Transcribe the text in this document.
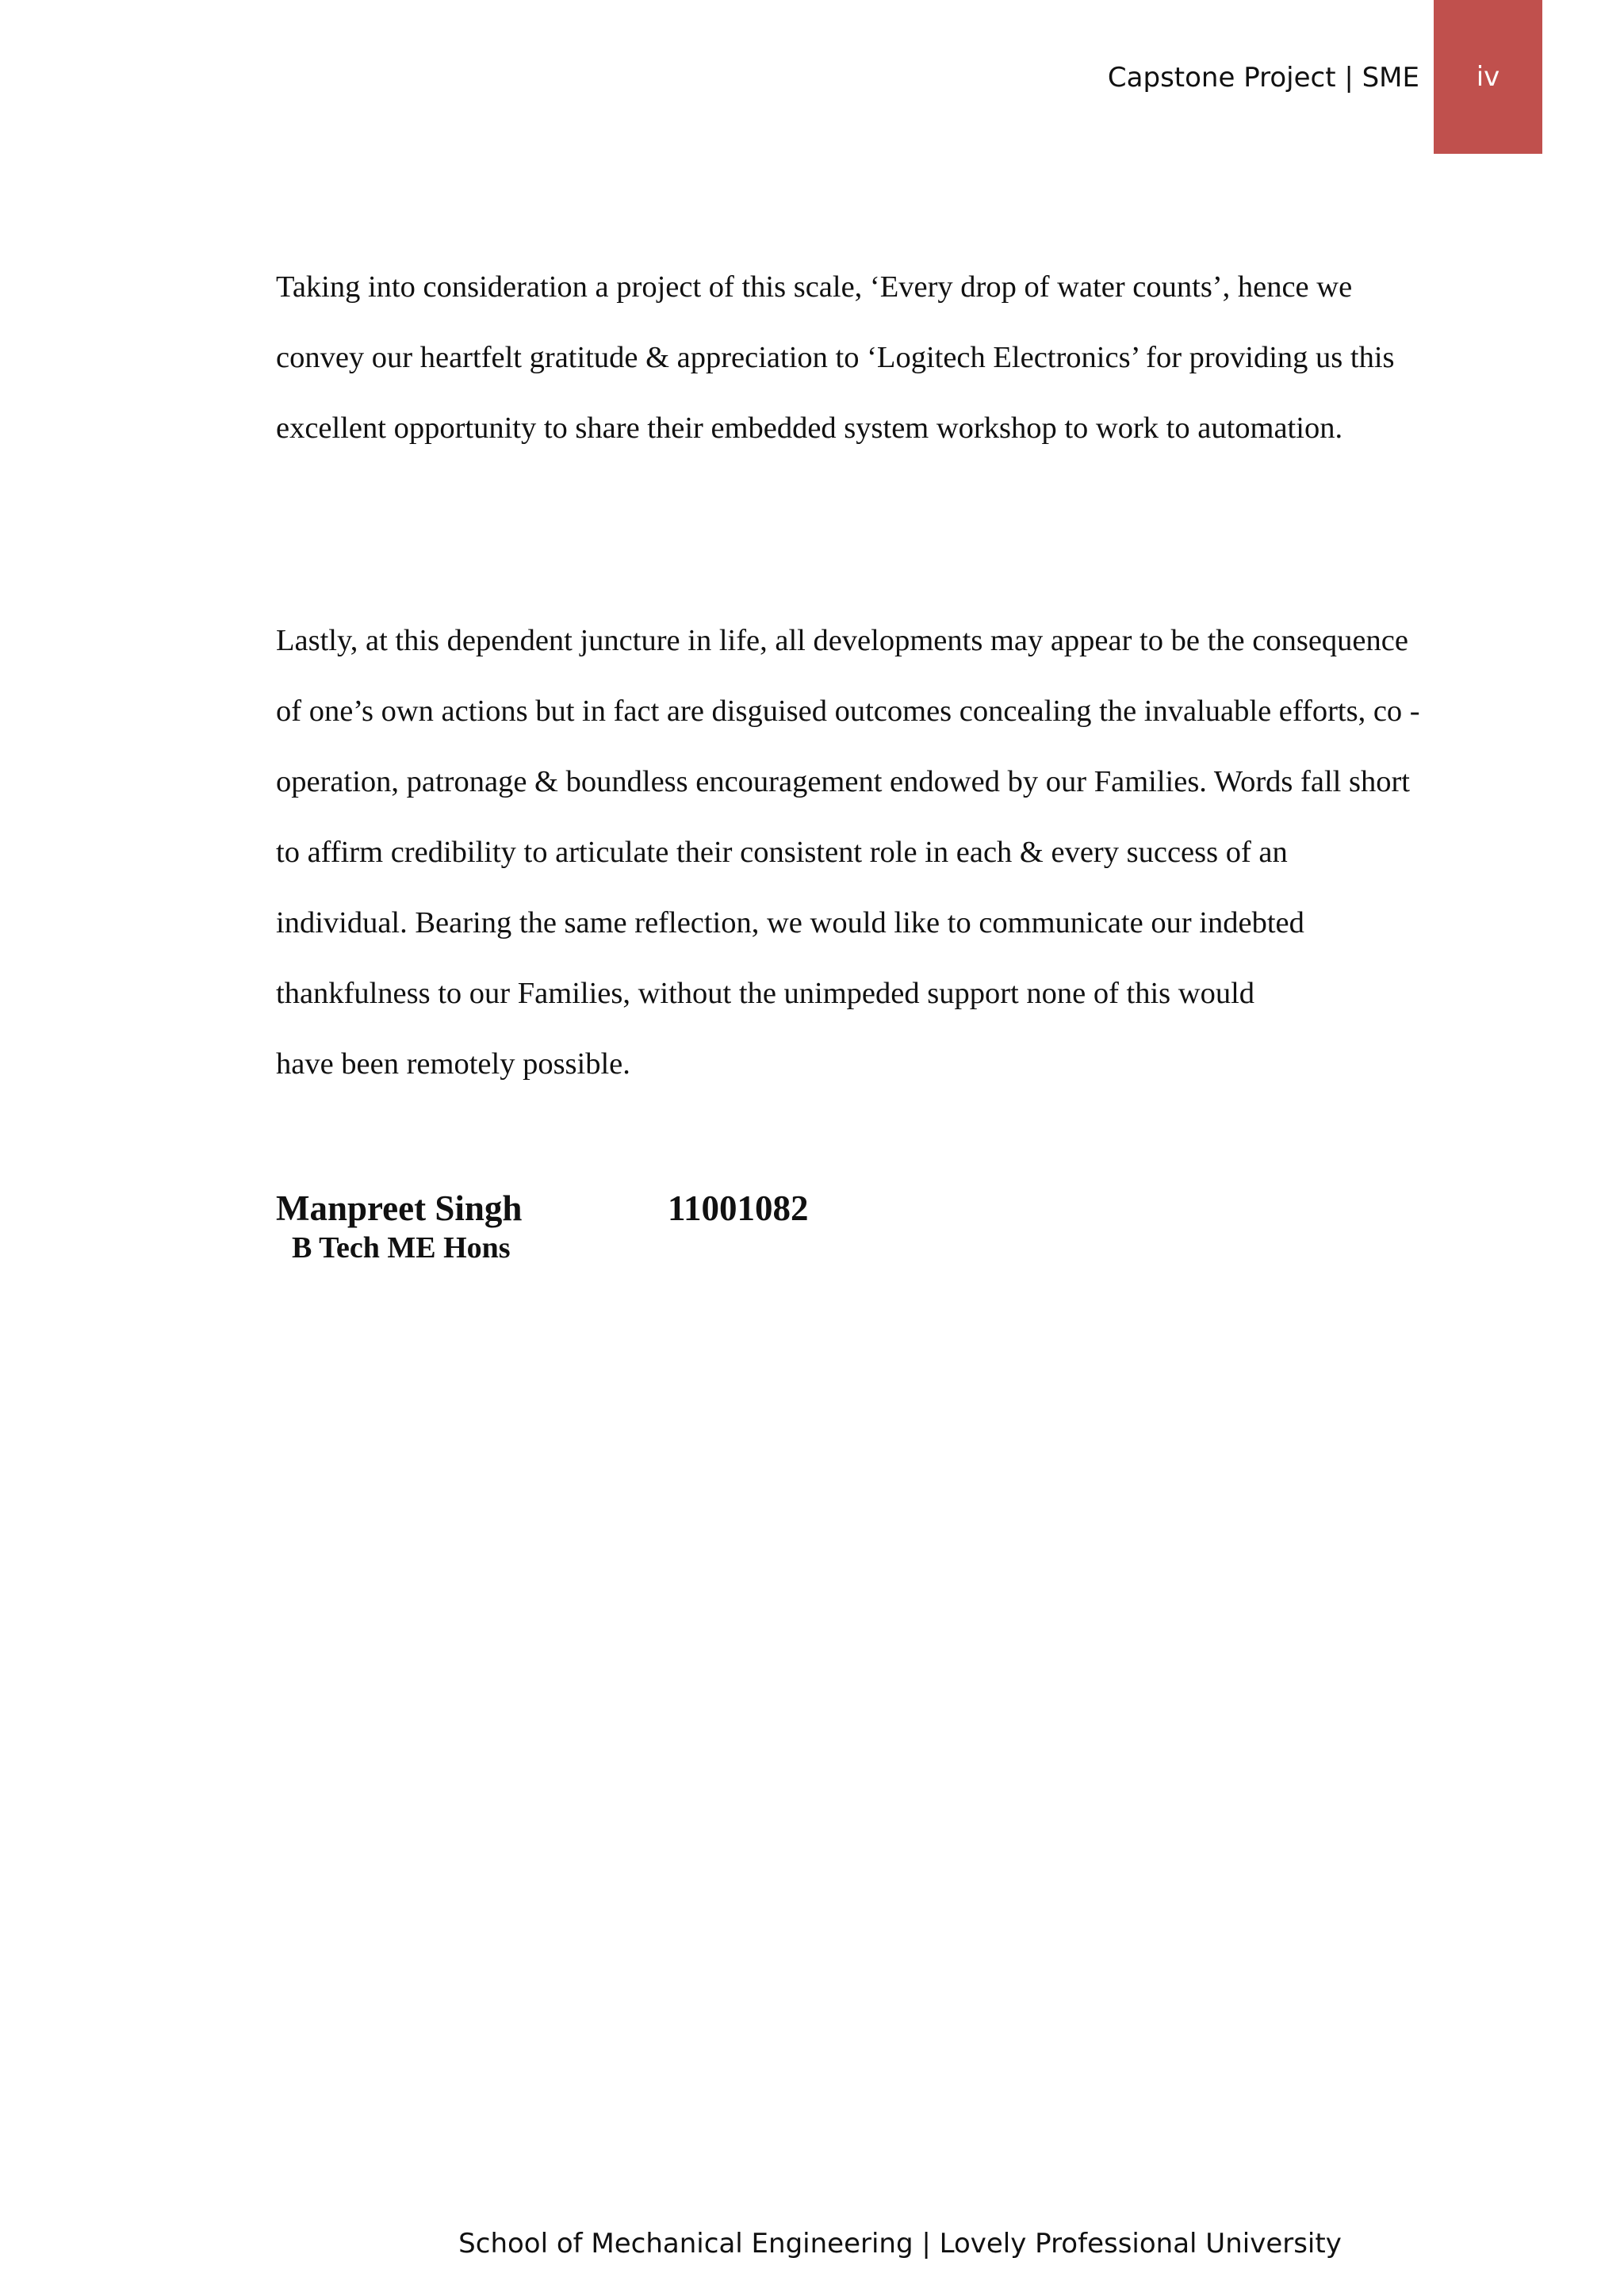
Capstone Project | SME	iv

Taking into consideration a project of this scale, ‘Every drop of water counts’, hence we

convey our heartfelt gratitude & appreciation to ‘Logitech Electronics’ for providing us this

excellent opportunity to share their embedded system workshop to work to automation.

Lastly, at this dependent juncture in life, all developments may appear to be the consequence

of one’s own actions but in fact are disguised outcomes concealing the invaluable efforts, co -

operation, patronage & boundless encouragement endowed by our Families. Words fall short

to affirm credibility to articulate their consistent role in each & every success of an

individual. Bearing the same reflection, we would like to communicate our indebted

thankfulness to our Families, without the unimpeded support none of this would

have been remotely possible.

Manpreet Singh	11001082
B Tech ME Hons
School of Mechanical Engineering | Lovely Professional University
